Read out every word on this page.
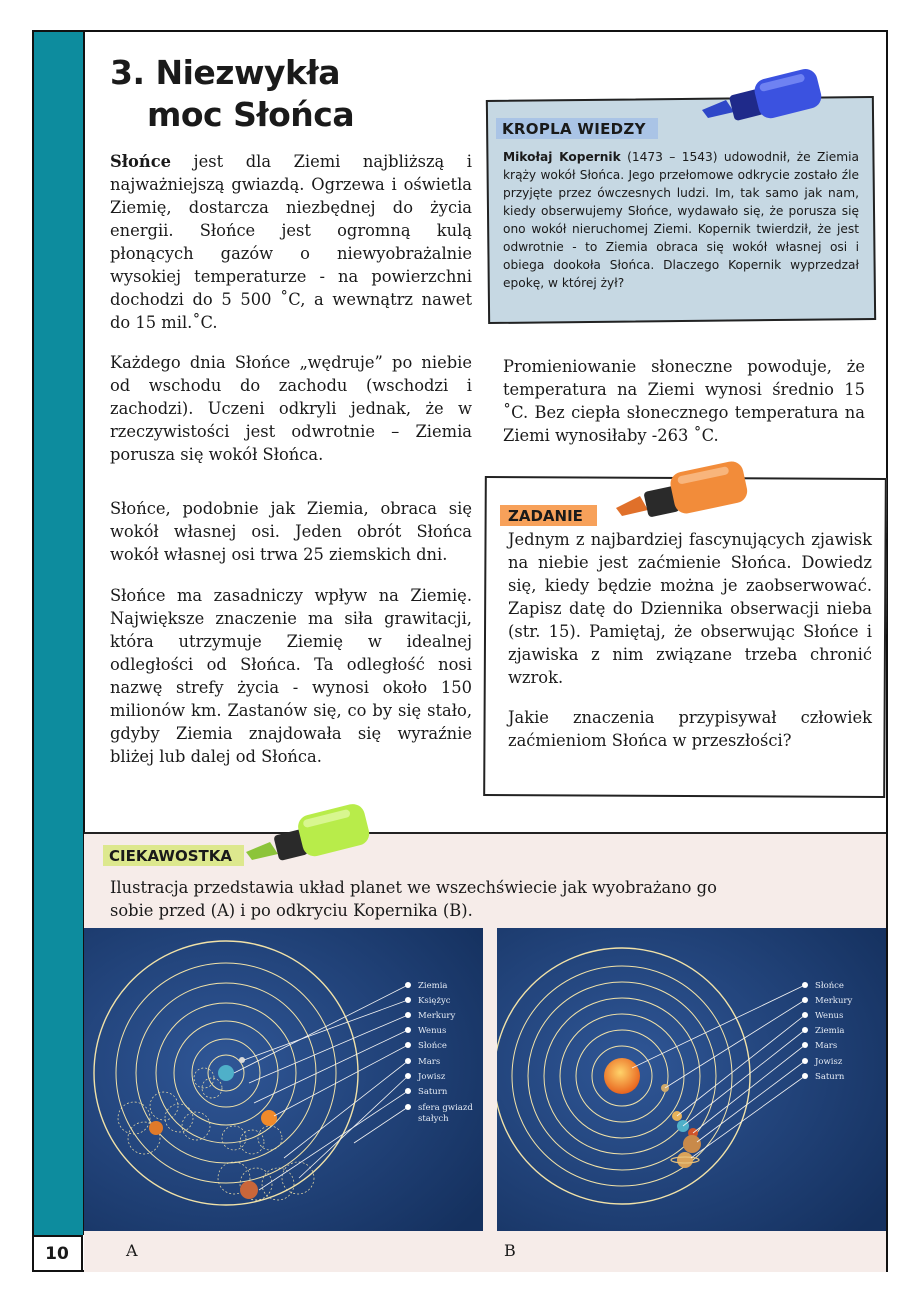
10
3. Niezwykła
moc Słońca

Słońce jest dla Ziemi najbliższą i najważniejszą gwiazdą. Ogrzewa i oświetla Ziemię, dostarcza niezbędnej do życia energii. Słońce jest ogromną kulą płonących gazów o niewyobrażalnie wysokiej temperaturze - na powierzchni dochodzi do 5 500 ˚C, a wewnątrz nawet do 15 mil.˚C.

Każdego dnia Słońce „wędruje” po niebie od wschodu do zachodu (wschodzi i zachodzi). Uczeni odkryli jednak, że w rzeczywistości jest odwrotnie – Ziemia porusza się wokół Słońca.

Słońce, podobnie jak Ziemia, obraca się wokół własnej osi. Jeden obrót Słońca wokół własnej osi trwa 25 ziemskich dni.

Słońce ma zasadniczy wpływ na Ziemię. Największe znaczenie ma siła grawitacji, która utrzymuje Ziemię w idealnej odległości od Słońca. Ta odległość nosi nazwę strefy życia - wynosi około 150 milionów km. Zastanów się, co by się stało, gdyby Ziemia znajdowała się wyraźnie bliżej lub dalej od Słońca.

Promieniowanie słoneczne powoduje, że temperatura na Ziemi wynosi średnio 15 ˚C. Bez ciepła słonecznego temperatura na Ziemi wynosiłaby -263 ˚C.

KROPLA WIEDZY

Mikołaj Kopernik (1473 – 1543) udowodnił, że Ziemia krąży wokół Słońca. Jego przełomowe odkrycie zostało źle przyjęte przez ówczesnych ludzi. Im, tak samo jak nam, kiedy obserwujemy Słońce, wydawało się, że porusza się ono wokół nieruchomej Ziemi. Kopernik twierdził, że jest odwrotnie - to Ziemia obraca się wokół własnej osi i obiega dookoła Słońca. Dlaczego Kopernik wyprzedzał epokę, w której żył?

ZADANIE

Jednym z najbardziej fascynujących zjawisk na niebie jest zaćmienie Słońca. Dowiedz się, kiedy będzie można je zaobserwować. Zapisz datę do Dziennika obserwacji nieba (str. 15). Pamiętaj, że obserwując Słońce i zjawiska z nim związane trzeba chronić wzrok.

Jakie znaczenia przypisywał człowiek zaćmieniom Słońca w przeszłości?

CIEKAWOSTKA

Ilustracja przedstawia układ planet we wszechświecie jak wyobrażano go sobie przed (A) i po odkryciu Kopernika (B).

Ziemia
Księżyc
Merkury
Wenus
Słońce
Mars
Jowisz
Saturn
sfera gwiazd
stałych
Słońce
Merkury
Wenus
Ziemia
Mars
Jowisz
Saturn
A	B
